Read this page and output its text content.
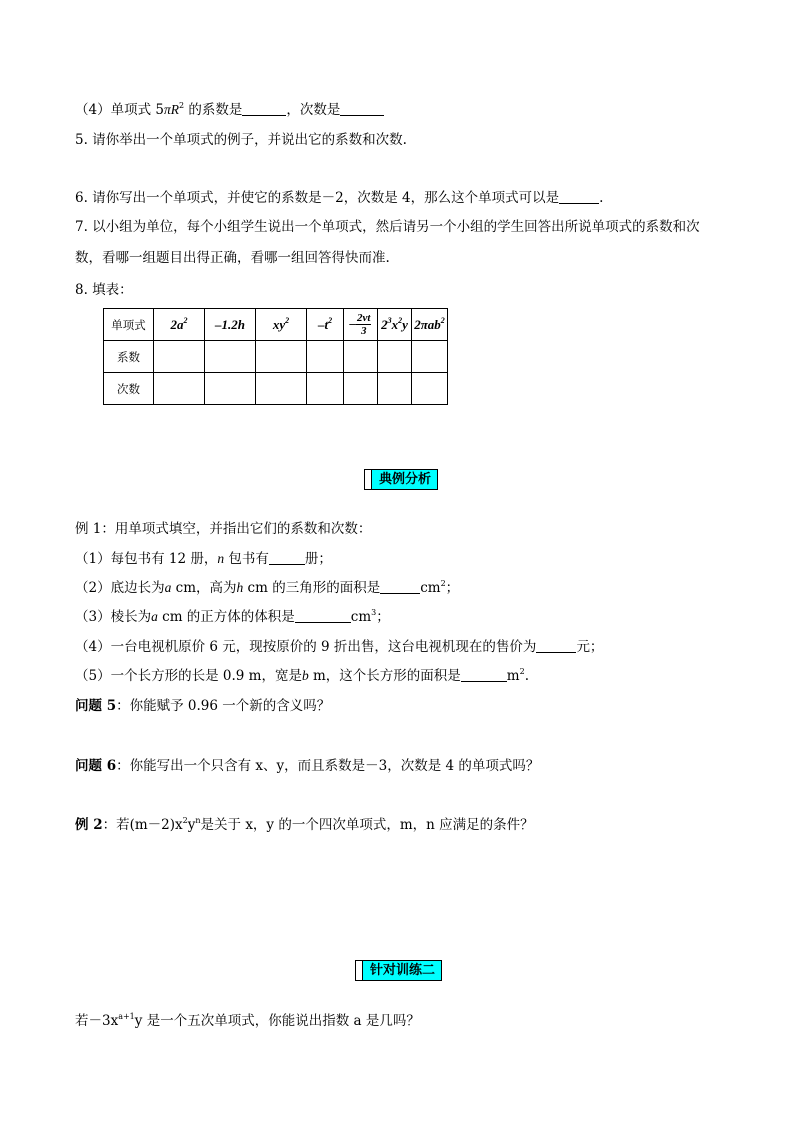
（4）单项式 $5\pi R^2$ 的系数是	，次数是
5. 请你举出一个单项式的例子，并说出它的系数和次数.
6. 请你写出一个单项式，并使它的系数是－2，次数是 4，那么这个单项式可以是	.
7. 以小组为单位，每个小组学生说出一个单项式，然后请另一个小组的学生回答出所说单项式的系数和次
数，看哪一组题目出得正确，看哪一组回答得快而准.
8. 填表：
单项式	$2a^2$	–1.2h	$xy^2$	$-t^2$	– $\frac{2vt}{3}$	$2^3x^2y$	2πab$^2$
系数							
次数							
典例分析
例 1：用单项式填空，并指出它们的系数和次数：
（1）每包书有 12 册，n 包书有	册；
（2）底边长为a cm，高为h cm 的三角形的面积是	$cm^2$；
（3）棱长为a cm 的正方体的体积是	$cm^3$；
（4）一台电视机原价 6 元，现按原价的 9 折出售，这台电视机现在的售价为	元；
（5）一个长方形的长是 0.9 m，宽是b m，这个长方形的面积是	$m^2$.
问题 5：你能赋予 0.96 一个新的含义吗？
问题 6：你能写出一个只含有 x、y，而且系数是－3，次数是 4 的单项式吗？
例 2：若$(m-2)x^2y^n$是关于 x，y 的一个四次单项式，m，n 应满足的条件？
针对训练二
若$-3x^{a+1}y$ 是一个五次单项式，你能说出指数 a 是几吗？
